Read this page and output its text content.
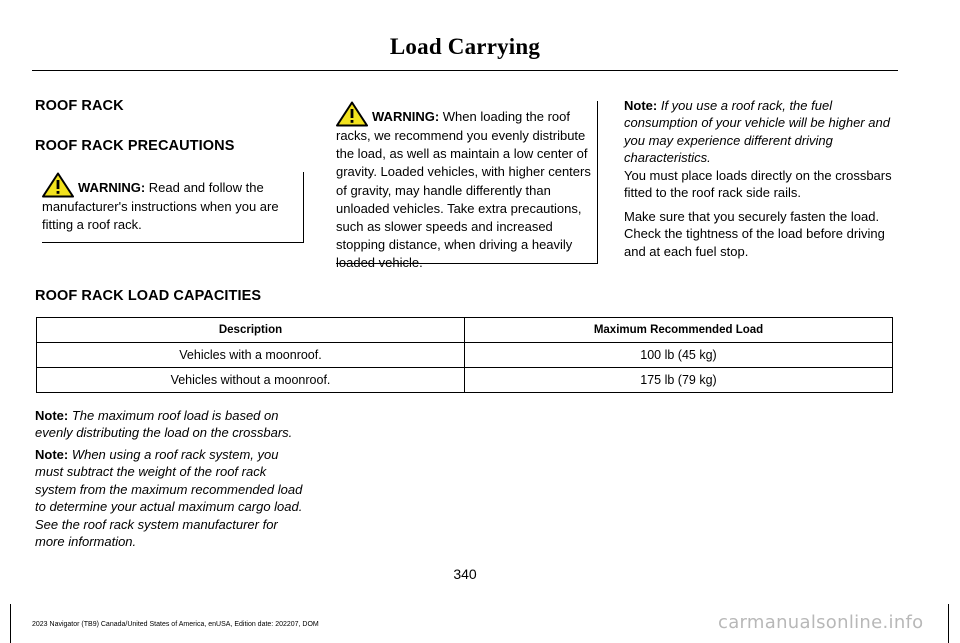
Load Carrying
ROOF RACK
ROOF RACK PRECAUTIONS
WARNING: Read and follow the manufacturer's instructions when you are fitting a roof rack.
WARNING: When loading the roof racks, we recommend you evenly distribute the load, as well as maintain a low center of gravity. Loaded vehicles, with higher centers of gravity, may handle differently than unloaded vehicles. Take extra precautions, such as slower speeds and increased stopping distance, when driving a heavily loaded vehicle.
Note: If you use a roof rack, the fuel consumption of your vehicle will be higher and you may experience different driving characteristics.
You must place loads directly on the crossbars fitted to the roof rack side rails.
Make sure that you securely fasten the load. Check the tightness of the load before driving and at each fuel stop.
ROOF RACK LOAD CAPACITIES
Description	Maximum Recommended Load
Vehicles with a moonroof.	100 lb (45 kg)
Vehicles without a moonroof.	175 lb (79 kg)
Note: The maximum roof load is based on evenly distributing the load on the crossbars.
Note: When using a roof rack system, you must subtract the weight of the roof rack system from the maximum recommended load to determine your actual maximum cargo load. See the roof rack system manufacturer for more information.
340
2023 Navigator (TB9) Canada/United States of America, enUSA, Edition date: 202207, DOM	carmanualsonline.info
